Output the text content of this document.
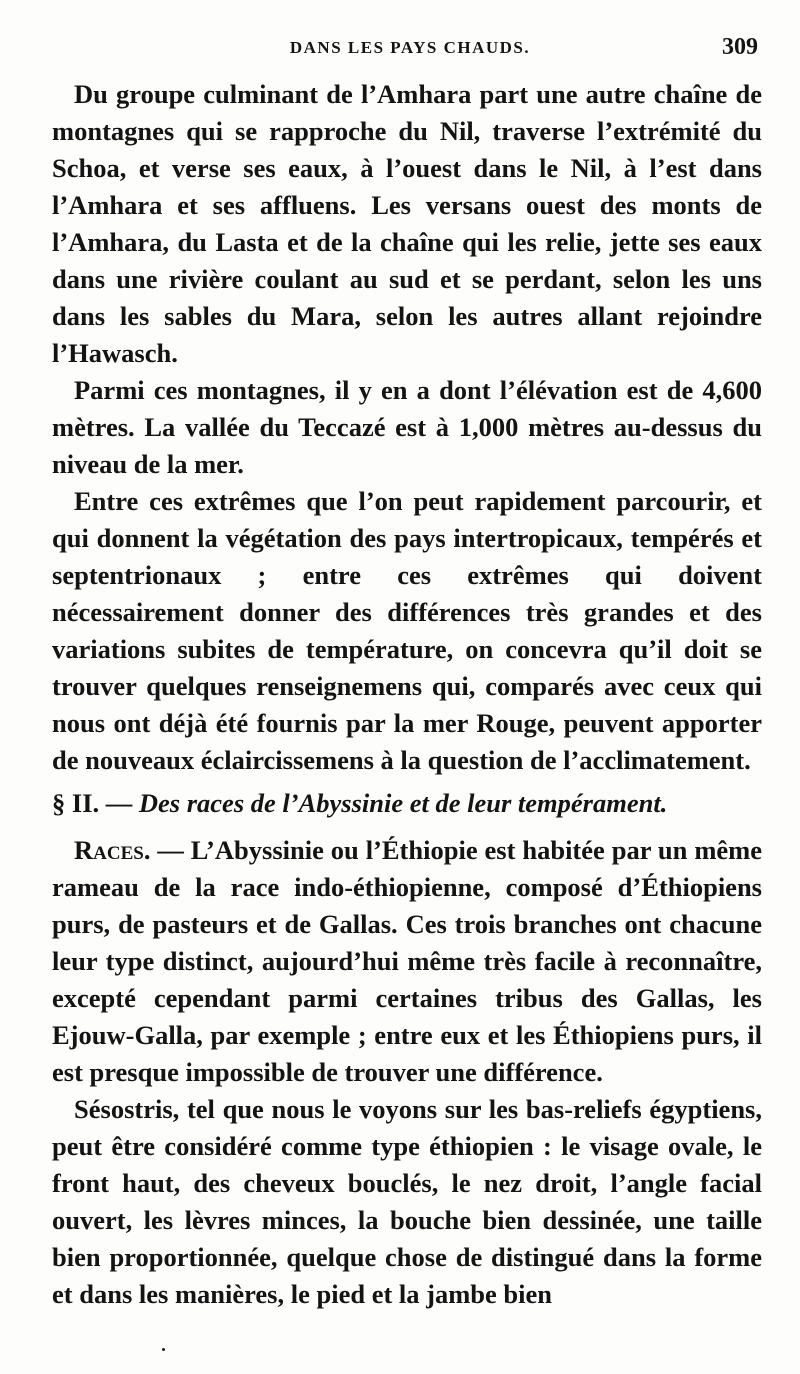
DANS LES PAYS CHAUDS.	309

Du groupe culminant de l’Amhara part une autre chaîne de montagnes qui se rapproche du Nil, traverse l’extrémité du Schoa, et verse ses eaux, à l’ouest dans le Nil, à l’est dans l’Amhara et ses affluens. Les versans ouest des monts de l’Amhara, du Lasta et de la chaîne qui les relie, jette ses eaux dans une rivière coulant au sud et se perdant, selon les uns dans les sables du Mara, selon les autres allant rejoindre l’Hawasch.

Parmi ces montagnes, il y en a dont l’élévation est de 4,600 mètres. La vallée du Teccazé est à 1,000 mètres au-dessus du niveau de la mer.

Entre ces extrêmes que l’on peut rapidement parcourir, et qui donnent la végétation des pays intertropicaux, tempérés et septentrionaux ; entre ces extrêmes qui doivent nécessairement donner des différences très grandes et des variations subites de température, on concevra qu’il doit se trouver quelques renseignemens qui, comparés avec ceux qui nous ont déjà été fournis par la mer Rouge, peuvent apporter de nouveaux éclaircissemens à la question de l’acclimatement.

§ II. — Des races de l’Abyssinie et de leur tempérament.

Races. — L’Abyssinie ou l’Éthiopie est habitée par un même rameau de la race indo-éthiopienne, composé d’Éthiopiens purs, de pasteurs et de Gallas. Ces trois branches ont chacune leur type distinct, aujourd’hui même très facile à reconnaître, excepté cependant parmi certaines tribus des Gallas, les Ejouw-Galla, par exemple ; entre eux et les Éthiopiens purs, il est presque impossible de trouver une différence.

Sésostris, tel que nous le voyons sur les bas-reliefs égyptiens, peut être considéré comme type éthiopien : le visage ovale, le front haut, des cheveux bouclés, le nez droit, l’angle facial ouvert, les lèvres minces, la bouche bien dessinée, une taille bien proportionnée, quelque chose de distingué dans la forme et dans les manières, le pied et la jambe bien
